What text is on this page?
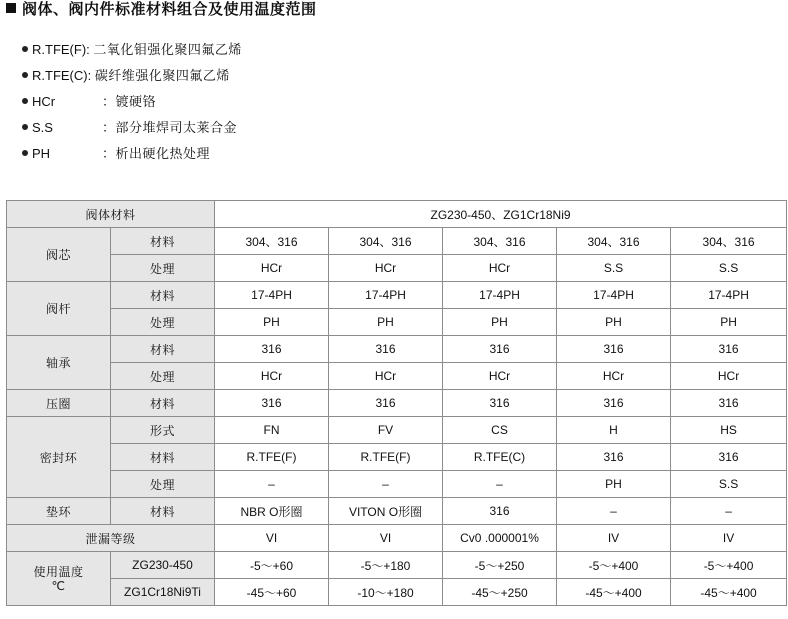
阀体、阀内件标准材料组合及使用温度范围
R.TFE(F): 二氧化钼强化聚四氟乙烯
R.TFE(C): 碳纤维强化聚四氟乙烯
HCr	：镀硬铬
S.S	：部分堆焊司太莱合金
PH	：析出硬化热处理
阀体材料		ZG230-450、ZG1Cr18Ni9				
阀芯	材料	304、316	304、316	304、316	304、316	304、316
	处理	HCr	HCr	HCr	S.S	S.S
阀杆	材料	17-4PH	17-4PH	17-4PH	17-4PH	17-4PH
	处理	PH	PH	PH	PH	PH
轴承	材料	316	316	316	316	316
	处理	HCr	HCr	HCr	HCr	HCr
压圈	材料	316	316	316	316	316
密封环	形式	FN	FV	CS	H	HS
	材料	R.TFE(F)	R.TFE(F)	R.TFE(C)	316	316
	处理	–	–	–	PH	S.S
垫环	材料	NBR O形圈	VITON O形圈	316	–	–
泄漏等级		VI	VI	Cv0 .000001%	IV	IV
使用温度
℃	ZG230-450	-5～+60	-5～+180	-5～+250	-5～+400	-5～+400
	ZG1Cr18Ni9Ti	-45～+60	-10～+180	-45～+250	-45～+400	-45～+400
